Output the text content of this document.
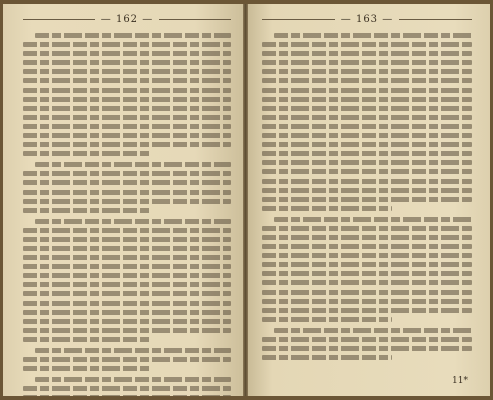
— 162 —	— 163 —
11*
